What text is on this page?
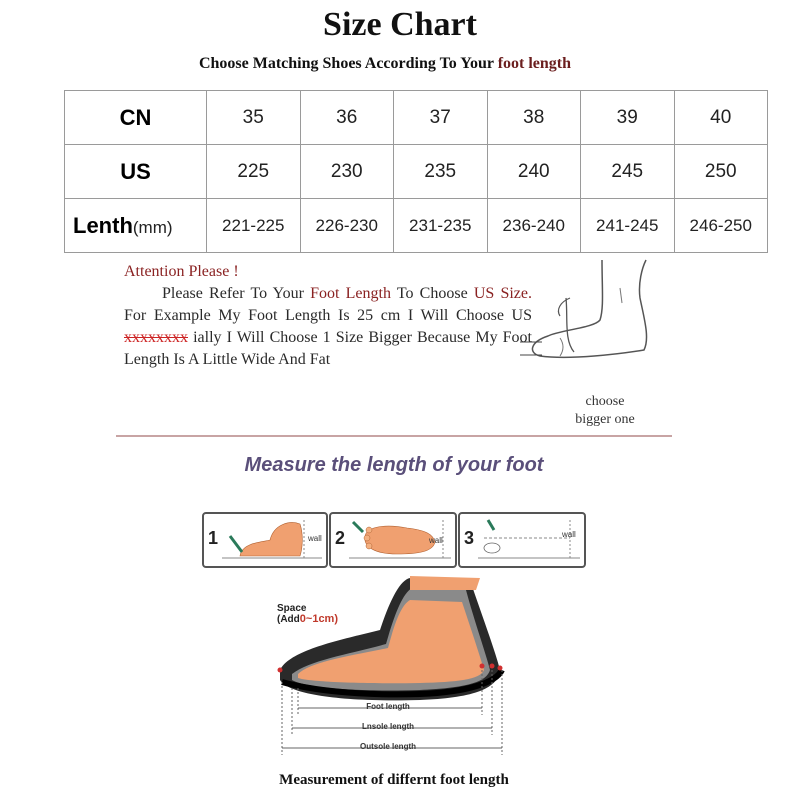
Size Chart
Choose Matching Shoes According To Your foot length
CN	35	36	37	38	39	40
US	225	230	235	240	245	250
Lenth(mm)	221-225	226-230	231-235	236-240	241-245	246-250

Attention Please !

Please Refer To Your Foot Length To Choose US Size. For Example My Foot Length Is 25 cm I Will Choose US xxxxxxxx ially I Will Choose 1 Size Bigger Because My Foot Length Is A Little Wide And Fat

choose
bigger one
Measure the length of your foot
1	wall 2	wall 3	wall
Space
(Add0~1cm)
Foot length
Lnsole length
Outsole length
Measurement of differnt foot length
